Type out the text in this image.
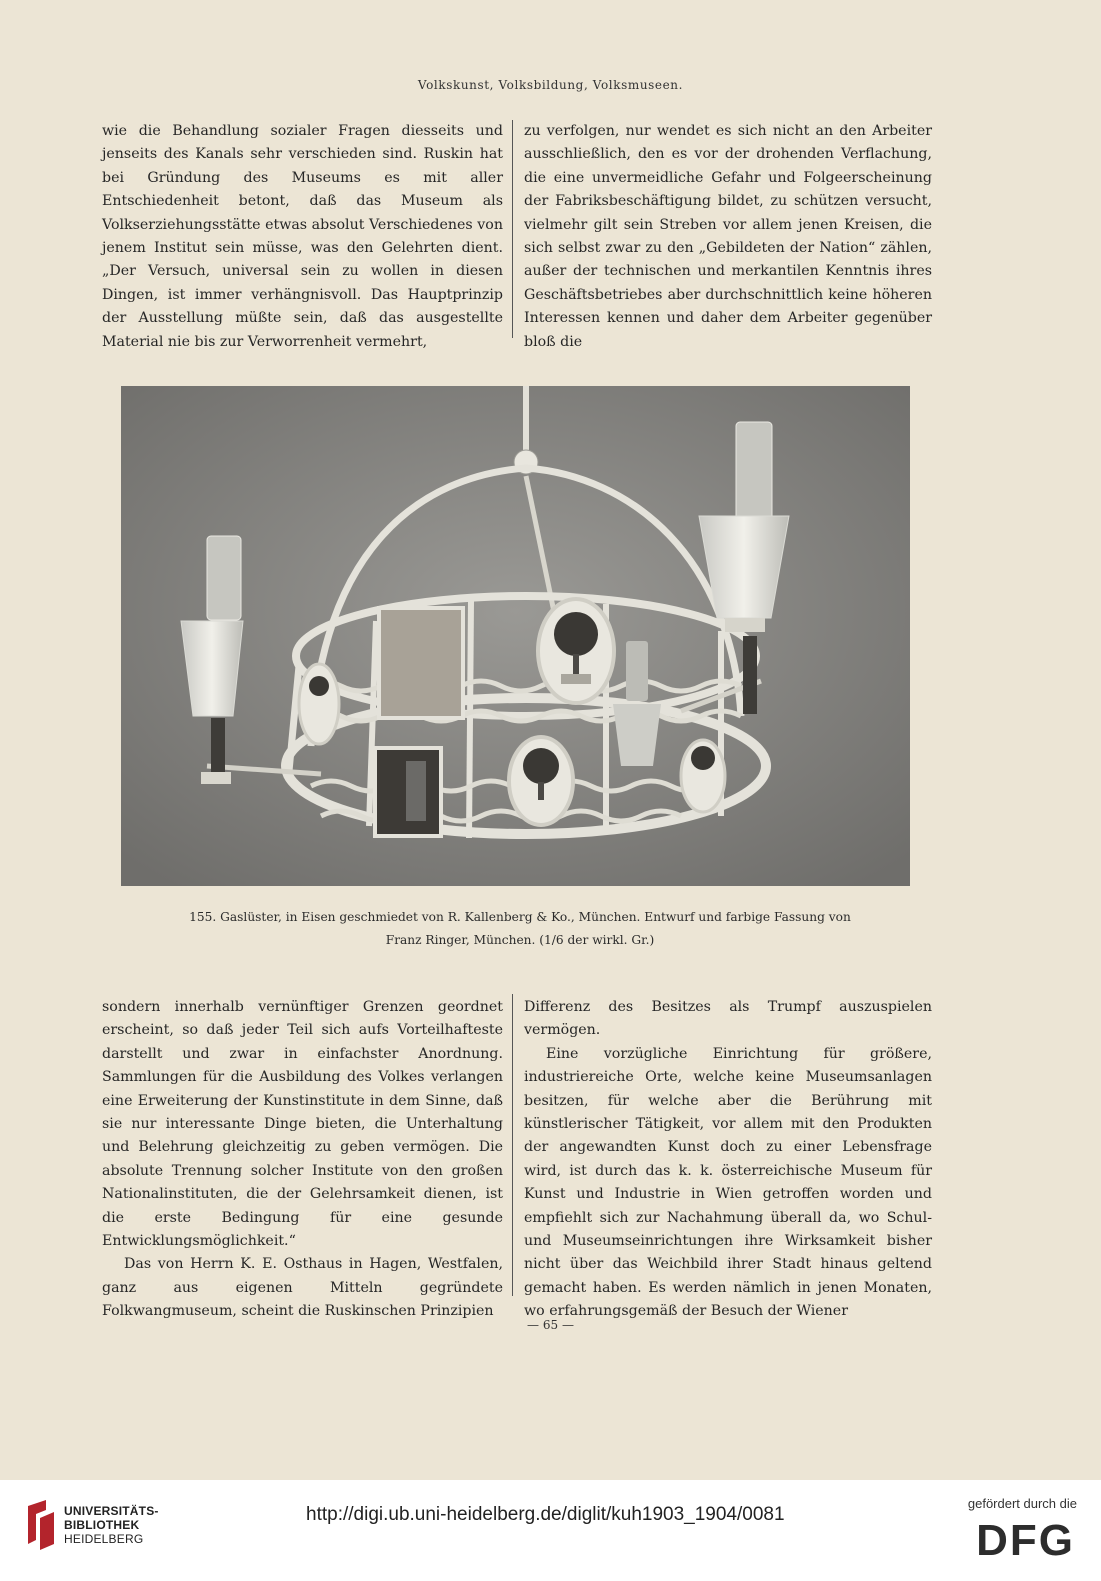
Volkskunst, Volksbildung, Volksmuseen.

wie die Behandlung sozialer Fragen diesseits und jenseits des Kanals sehr verschieden sind. Ruskin hat bei Gründung des Museums es mit aller Entschiedenheit betont, daß das Museum als Volkserziehungsstätte etwas absolut Verschiedenes von jenem Institut sein müsse, was den Gelehrten dient. „Der Versuch, universal sein zu wollen in diesen Dingen, ist immer verhängnisvoll. Das Hauptprinzip der Ausstellung müßte sein, daß das ausgestellte Material nie bis zur Verworrenheit vermehrt,

zu verfolgen, nur wendet es sich nicht an den Arbeiter ausschließlich, den es vor der drohenden Verflachung, die eine unvermeidliche Gefahr und Folgeerscheinung der Fabriksbeschäftigung bildet, zu schützen versucht, vielmehr gilt sein Streben vor allem jenen Kreisen, die sich selbst zwar zu den „Gebildeten der Nation“ zählen, außer der technischen und merkantilen Kenntnis ihres Geschäftsbetriebes aber durchschnittlich keine höheren Interessen kennen und daher dem Arbeiter gegenüber bloß die

155. Gaslüster, in Eisen geschmiedet von R. Kallenberg & Ko., München. Entwurf und farbige Fassung von
Franz Ringer, München. (1/6 der wirkl. Gr.)

sondern innerhalb vernünftiger Grenzen geordnet erscheint, so daß jeder Teil sich aufs Vorteilhafteste darstellt und zwar in einfachster Anordnung. Sammlungen für die Ausbildung des Volkes verlangen eine Erweiterung der Kunstinstitute in dem Sinne, daß sie nur interessante Dinge bieten, die Unterhaltung und Belehrung gleichzeitig zu geben vermögen. Die absolute Trennung solcher Institute von den großen Nationalinstituten, die der Gelehrsamkeit dienen, ist die erste Bedingung für eine gesunde Entwicklungsmöglichkeit.“

Das von Herrn K. E. Osthaus in Hagen, Westfalen, ganz aus eigenen Mitteln gegründete Folkwangmuseum, scheint die Ruskinschen Prinzipien

Differenz des Besitzes als Trumpf auszuspielen vermögen.

Eine vorzügliche Einrichtung für größere, industriereiche Orte, welche keine Museumsanlagen besitzen, für welche aber die Berührung mit künstlerischer Tätigkeit, vor allem mit den Produkten der angewandten Kunst doch zu einer Lebensfrage wird, ist durch das k. k. österreichische Museum für Kunst und Industrie in Wien getroffen worden und empfiehlt sich zur Nachahmung überall da, wo Schul- und Museumseinrichtungen ihre Wirksamkeit bisher nicht über das Weichbild ihrer Stadt hinaus geltend gemacht haben. Es werden nämlich in jenen Monaten, wo erfahrungsgemäß der Besuch der Wiener

— 65 —
UNIVERSITÄTS-
BIBLIOTHEK
HEIDELBERG
http://digi.ub.uni-heidelberg.de/diglit/kuh1903_1904/0081
gefördert durch die
DFG
